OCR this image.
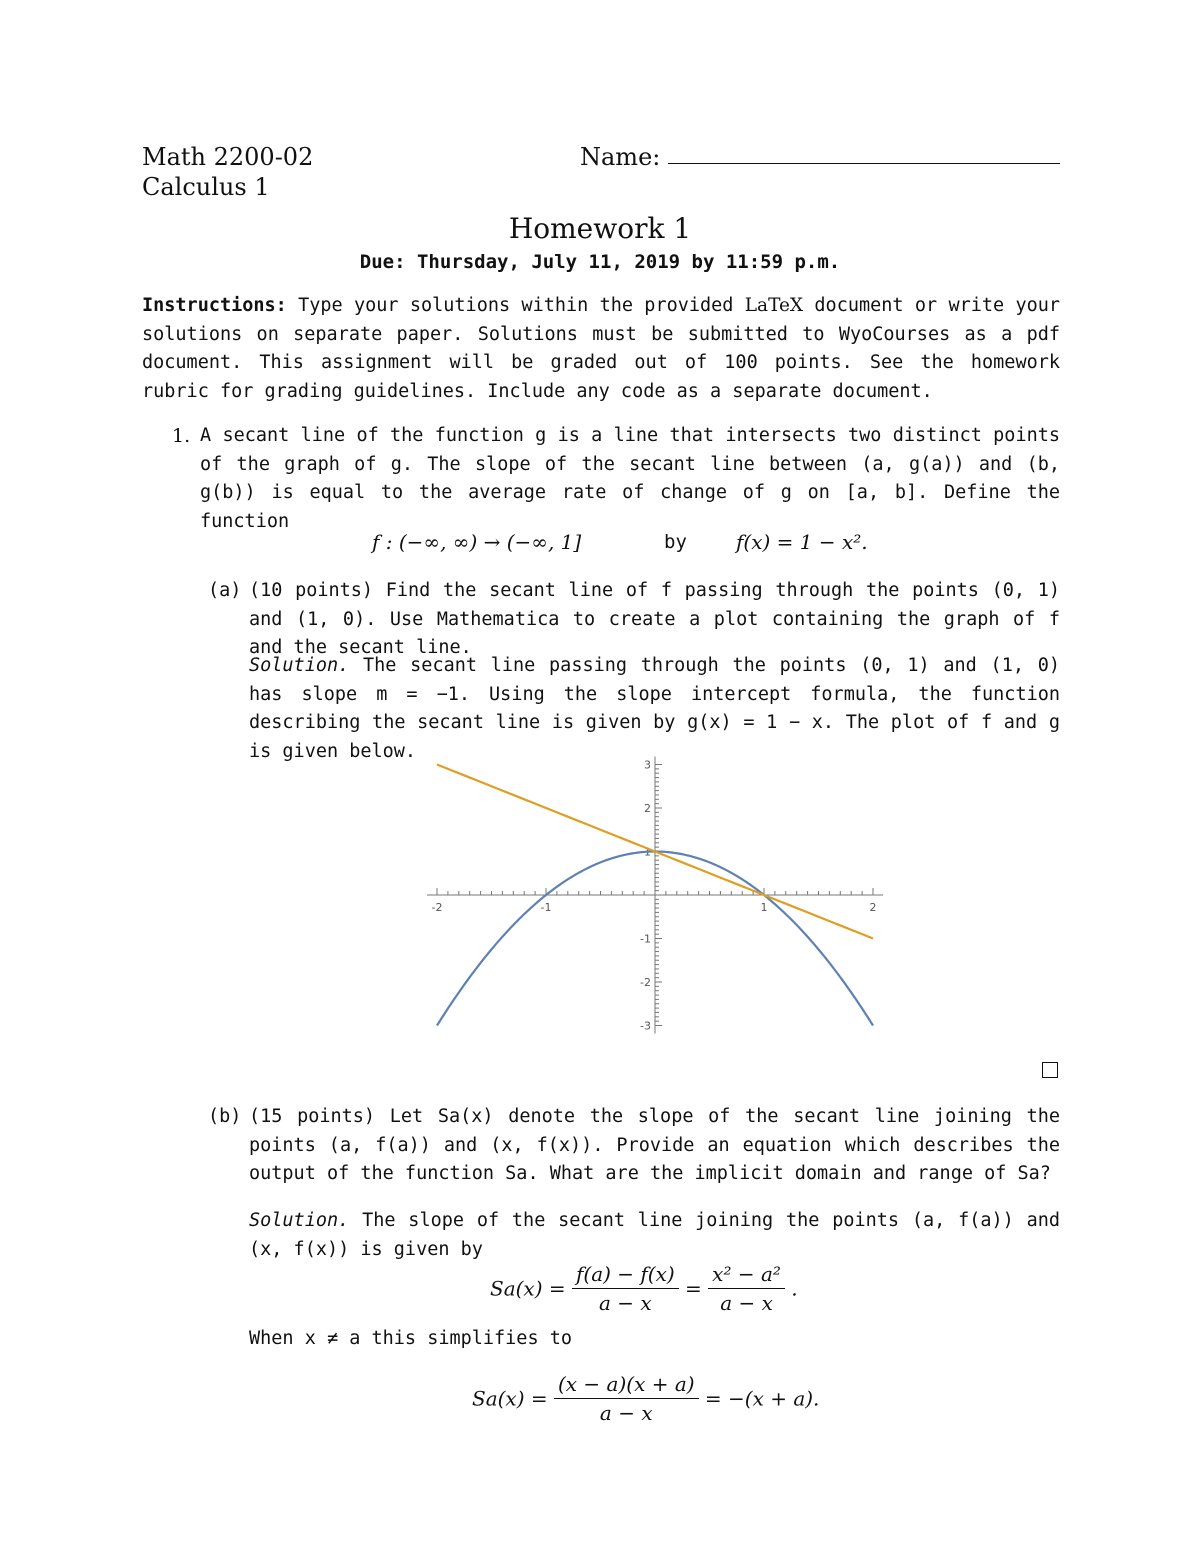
Math 2200-02
Calculus 1
Name:
Homework 1
Due: Thursday, July 11, 2019 by 11:59 p.m.
Instructions: Type your solutions within the provided LaTeX document or write your solutions on separate paper. Solutions must be submitted to WyoCourses as a pdf document. This assignment will be graded out of 100 points. See the homework rubric for grading guidelines. Include any code as a separate document.
1. A secant line of the function g is a line that intersects two distinct points of the graph of g. The slope of the secant line between (a, g(a)) and (b, g(b)) is equal to the average rate of change of g on [a, b]. Define the function
f : (−∞, ∞) → (−∞, 1]	by f(x) = 1 − x².
(a) (10 points) Find the secant line of f passing through the points (0, 1) and (1, 0). Use Mathematica to create a plot containing the graph of f and the secant line.
Solution. The secant line passing through the points (0, 1) and (1, 0) has slope m = −1. Using the slope intercept formula, the function describing the secant line is given by g(x) = 1 − x. The plot of f and g is given below.
-2	-1	1	2
3
2
1
-1
-2
-3
(b) (15 points) Let Sa(x) denote the slope of the secant line joining the points (a, f(a)) and (x, f(x)). Provide an equation which describes the output of the function Sa. What are the implicit domain and range of Sa?
Solution. The slope of the secant line joining the points (a, f(a)) and (x, f(x)) is given by
$Sa(x) = \frac{f(a) - f(x)}{a - x} = \frac{\text{x² − a²}}{a - x}$ .
When x ≠ a this simplifies to
$Sa(x) = \frac{(x - a)(x + a)}{a - x} = -(x + a)$.
